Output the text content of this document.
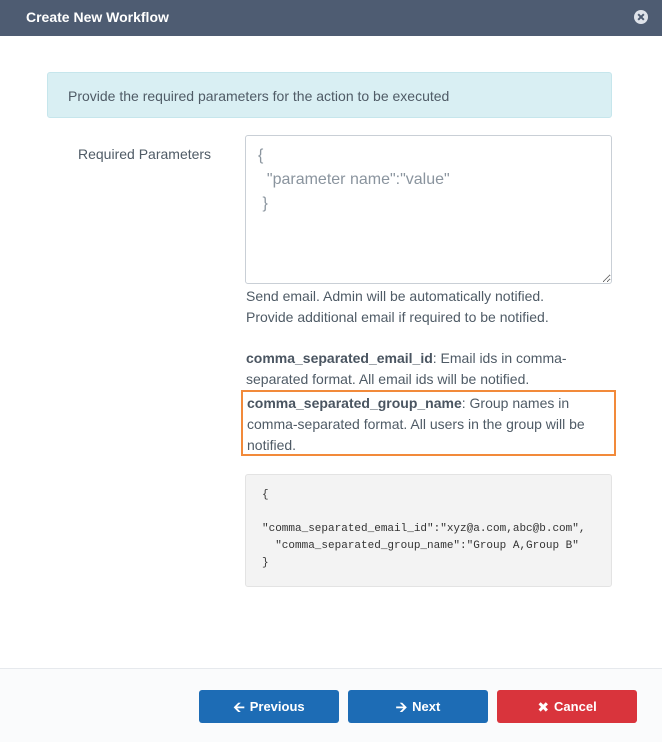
Create New Workflow
Provide the required parameters for the action to be executed
Required Parameters
{ "parameter name":"value" }
Send email. Admin will be automatically notified.
Provide additional email if required to be notified.
comma_separated_email_id: Email ids in comma-separated format. All email ids will be notified.
comma_separated_group_name: Group names in comma-separated format. All users in the group will be notified.
{

"comma_separated_email_id":"xyz@a.com,abc@b.com",
"comma_separated_group_name":"Group A,Group B"
}
🡨 Previous	🡪 Next	✖ Cancel
